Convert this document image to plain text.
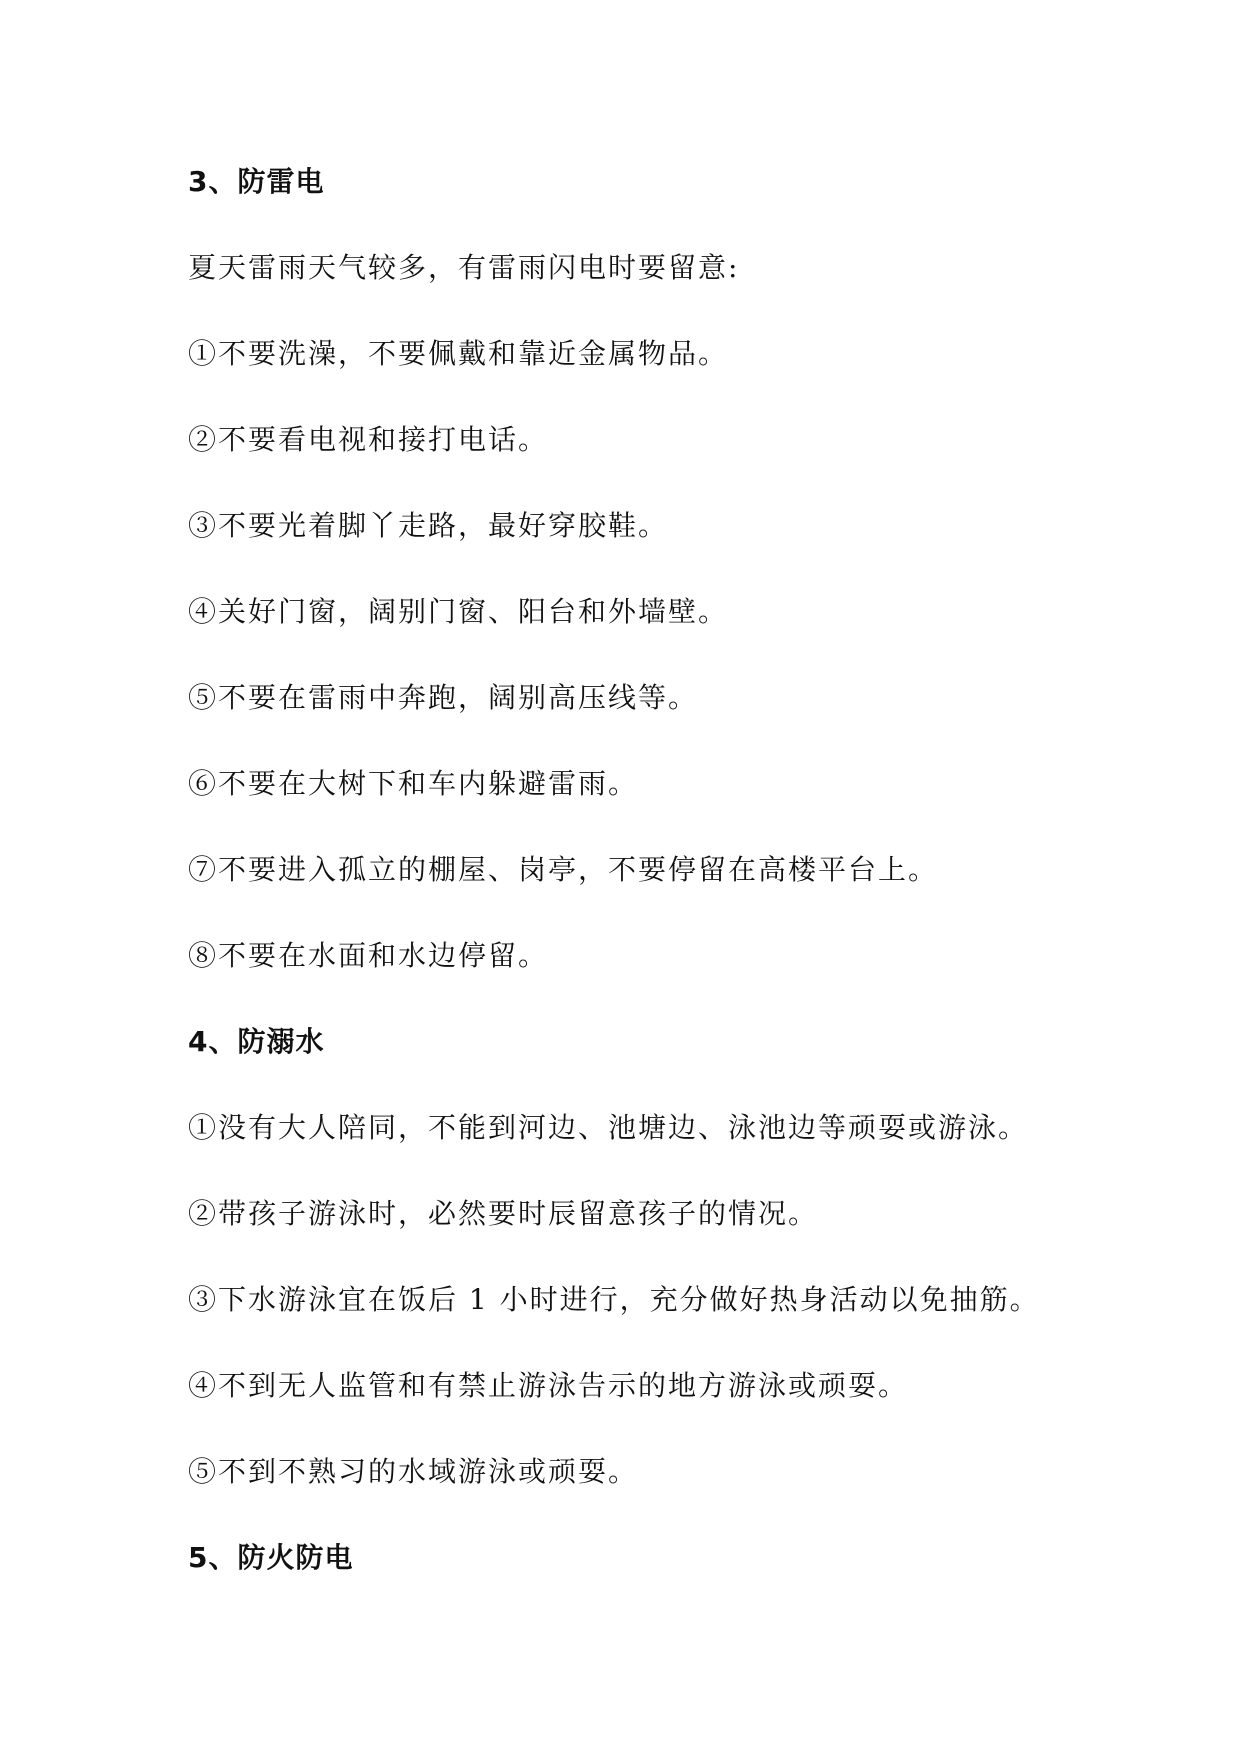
3、防雷电
夏天雷雨天气较多，有雷雨闪电时要留意:
①不要洗澡，不要佩戴和靠近金属物品。
②不要看电视和接打电话。
③不要光着脚丫走路，最好穿胶鞋。
④关好门窗，阔别门窗、阳台和外墙壁。
⑤不要在雷雨中奔跑，阔别高压线等。
⑥不要在大树下和车内躲避雷雨。
⑦不要进入孤立的棚屋、岗亭，不要停留在高楼平台上。
⑧不要在水面和水边停留。
4、防溺水
①没有大人陪同，不能到河边、池塘边、泳池边等顽耍或游泳。
②带孩子游泳时，必然要时辰留意孩子的情况。
③下水游泳宜在饭后 1 小时进行，充分做好热身活动以免抽筋。
④不到无人监管和有禁止游泳告示的地方游泳或顽耍。
⑤不到不熟习的水域游泳或顽耍。
5、防火防电
